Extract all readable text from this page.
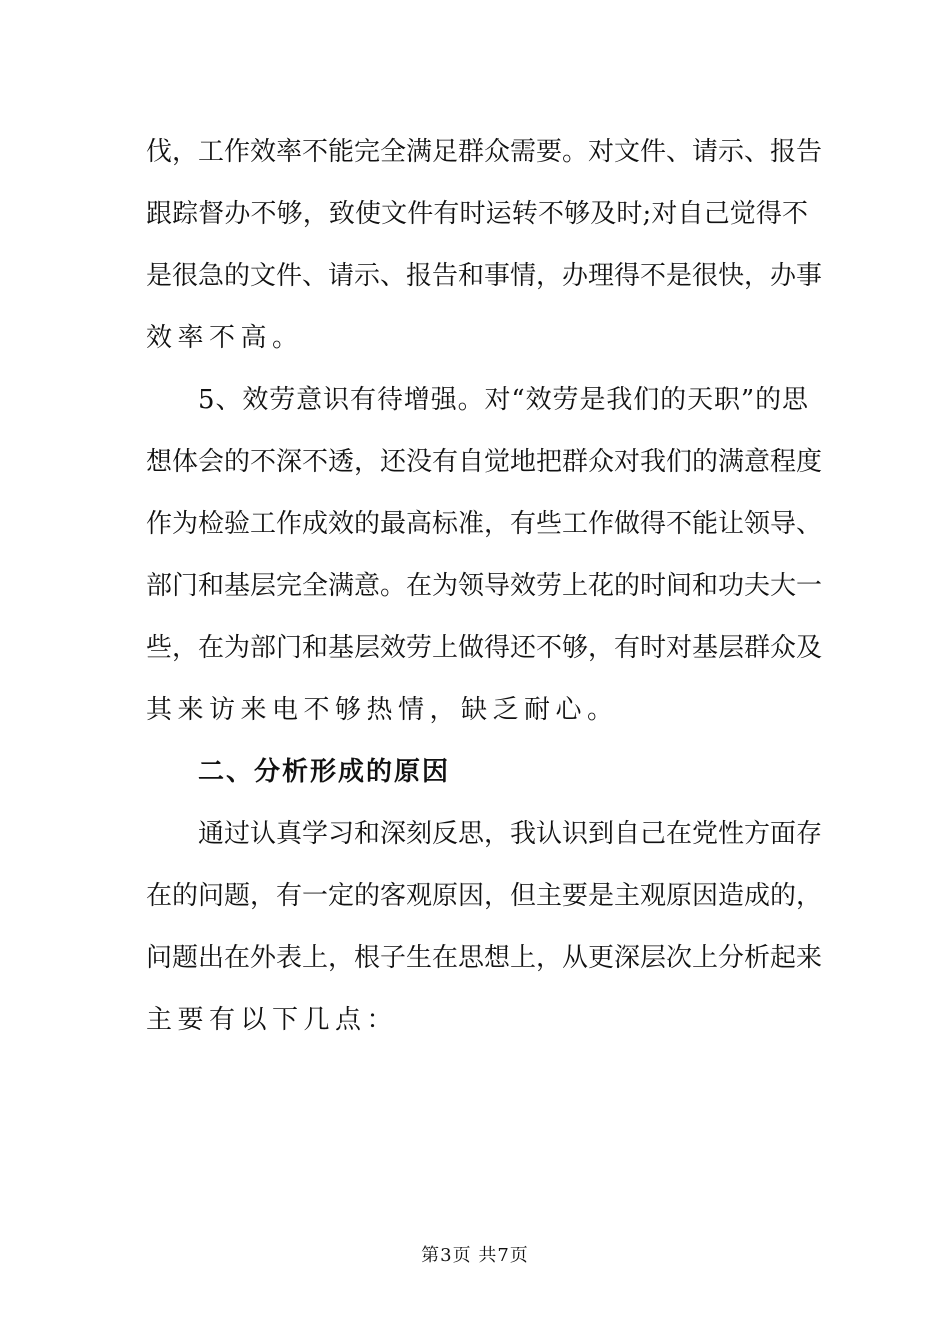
伐，工作效率不能完全满足群众需要。对文件、请示、报告
跟踪督办不够，致使文件有时运转不够及时;对自己觉得不
是很急的文件、请示、报告和事情，办理得不是很快，办事
效率不高。
5、效劳意识有待增强。对“效劳是我们的天职”的思
想体会的不深不透，还没有自觉地把群众对我们的满意程度
作为检验工作成效的最高标准，有些工作做得不能让领导、
部门和基层完全满意。在为领导效劳上花的时间和功夫大一
些，在为部门和基层效劳上做得还不够，有时对基层群众及
其来访来电不够热情，缺乏耐心。
二、分析形成的原因
通过认真学习和深刻反思，我认识到自己在党性方面存
在的问题，有一定的客观原因，但主要是主观原因造成的，
问题出在外表上，根子生在思想上，从更深层次上分析起来
主要有以下几点：
第3页 共7页
